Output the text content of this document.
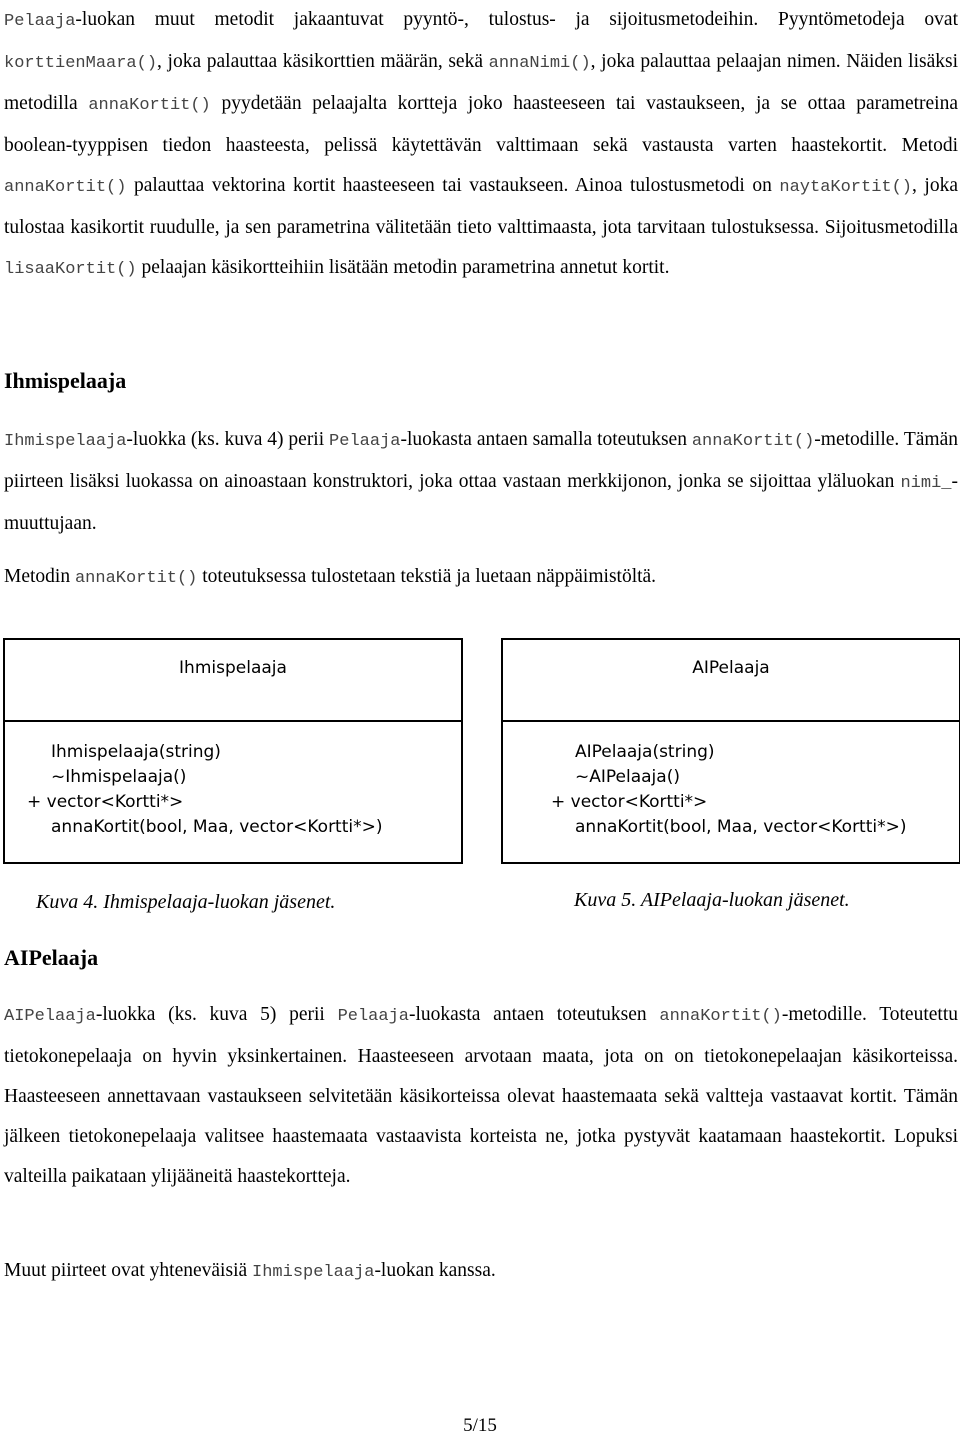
Pelaaja-luokan muut metodit jakaantuvat pyyntö-, tulostus- ja sijoitusmetodeihin. Pyyntömetodeja ovat korttienMaara(), joka palauttaa käsikorttien määrän, sekä annaNimi(), joka palauttaa pelaajan nimen. Näiden lisäksi metodilla annaKortit() pyydetään pelaajalta kortteja joko haasteeseen tai vastaukseen, ja se ottaa parametreina boolean-tyyppisen tiedon haasteesta, pelissä käytettävän valttimaan sekä vastausta varten haastekortit. Metodi annaKortit() palauttaa vektorina kortit haasteeseen tai vastaukseen. Ainoa tulostusmetodi on naytaKortit(), joka tulostaa kasikortit ruudulle, ja sen parametrina välitetään tieto valttimaasta, jota tarvitaan tulostuksessa. Sijoitusmetodilla lisaaKortit() pelaajan käsikortteihiin lisätään metodin parametrina annetut kortit.

Ihmispelaaja

Ihmispelaaja-luokka (ks. kuva 4) perii Pelaaja-luokasta antaen samalla toteutuksen annaKortit()-metodille. Tämän piirteen lisäksi luokassa on ainoastaan konstruktori, joka ottaa vastaan merkkijonon, jonka se sijoittaa yläluokan nimi_-muuttujaan.

Metodin annaKortit() toteutuksessa tulostetaan tekstiä ja luetaan näppäimistöltä.

Ihmispelaaja
Ihmispelaaja(string)
~Ihmispelaaja()
+ vector<Kortti*>
annaKortit(bool, Maa, vector<Kortti*>)
AIPelaaja
AIPelaaja(string)
~AIPelaaja()
+ vector<Kortti*>
annaKortit(bool, Maa, vector<Kortti*>)
Kuva 4. Ihmispelaaja-luokan jäsenet.	Kuva 5. AIPelaaja-luokan jäsenet.
AIPelaaja

AIPelaaja-luokka (ks. kuva 5) perii Pelaaja-luokasta antaen toteutuksen annaKortit()-metodille. Toteutettu tietokonepelaaja on hyvin yksinkertainen. Haasteeseen arvotaan maata, jota on on tietokonepelaajan käsikorteissa. Haasteeseen annettavaan vastaukseen selvitetään käsikorteissa olevat haastemaata sekä valtteja vastaavat kortit. Tämän jälkeen tietokonepelaaja valitsee haastemaata vastaavista korteista ne, jotka pystyvät kaatamaan haastekortit. Lopuksi valteilla paikataan ylijääneitä haastekortteja.

Muut piirteet ovat yhteneväisiä Ihmispelaaja-luokan kanssa.

5/15
